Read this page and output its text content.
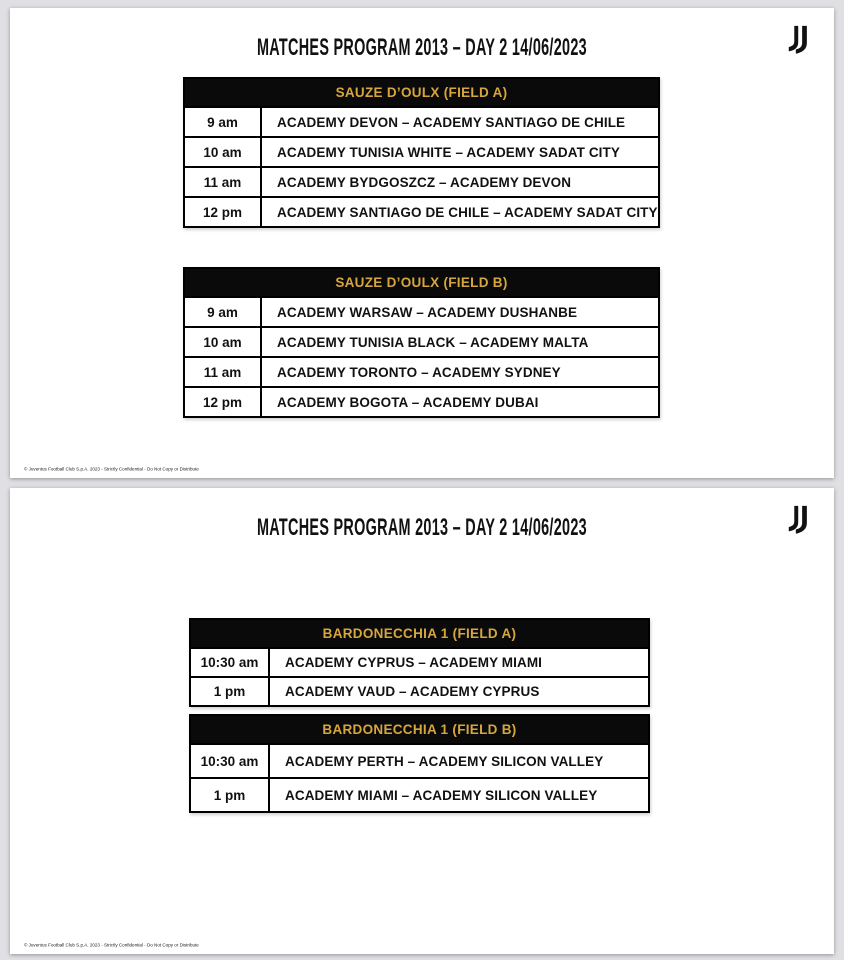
MATCHES PROGRAM 2013 – DAY 2 14/06/2023
SAUZE D’OULX (FIELD A)
9 am	ACADEMY DEVON – ACADEMY SANTIAGO DE CHILE
10 am	ACADEMY TUNISIA WHITE – ACADEMY SADAT CITY
11 am	ACADEMY BYDGOSZCZ – ACADEMY DEVON
12 pm	ACADEMY SANTIAGO DE CHILE – ACADEMY SADAT CITY
SAUZE D’OULX (FIELD B)
9 am	ACADEMY WARSAW – ACADEMY DUSHANBE
10 am	ACADEMY TUNISIA BLACK – ACADEMY MALTA
11 am	ACADEMY TORONTO – ACADEMY SYDNEY
12 pm	ACADEMY BOGOTA – ACADEMY DUBAI
© Juventus Football Club S.p.A. 2023 - Strictly Confidential - Do Not Copy or Distribute
MATCHES PROGRAM 2013 – DAY 2 14/06/2023
BARDONECCHIA 1 (FIELD A)
10:30 am	ACADEMY CYPRUS – ACADEMY MIAMI
1 pm	ACADEMY VAUD – ACADEMY CYPRUS
BARDONECCHIA 1 (FIELD B)
10:30 am	ACADEMY PERTH – ACADEMY SILICON VALLEY
1 pm	ACADEMY MIAMI – ACADEMY SILICON VALLEY
© Juventus Football Club S.p.A. 2023 - Strictly Confidential - Do Not Copy or Distribute
